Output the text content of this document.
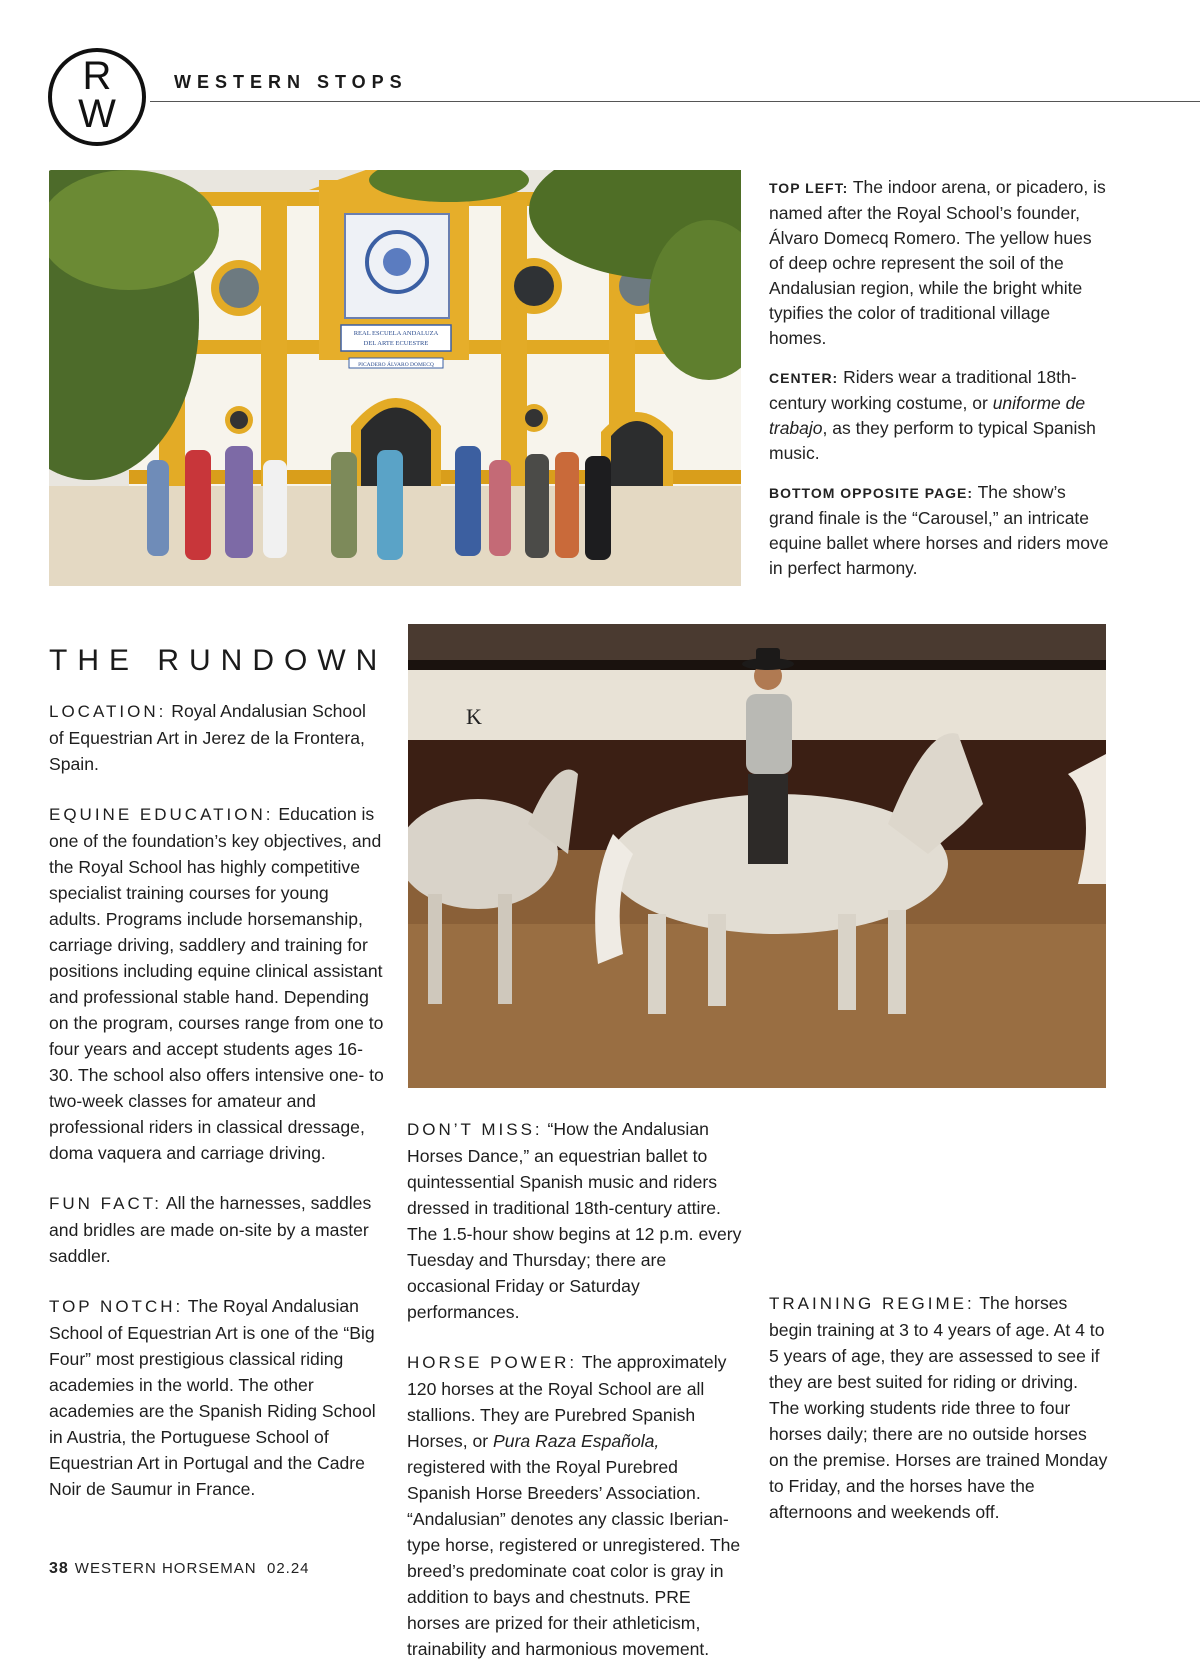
R
W
WESTERN STOPS
REAL ESCUELA ANDALUZA
DEL ARTE ECUESTRE
PICADERO ÁLVARO DOMECQ

TOP LEFT: The indoor arena, or picadero, is named after the Royal School’s founder, Álvaro Domecq Romero. The yellow hues of deep ochre represent the soil of the Andalusian region, while the bright white typifies the color of traditional village homes.

CENTER: Riders wear a traditional 18th-century working costume, or uniforme de trabajo, as they perform to typical Spanish music.

BOTTOM OPPOSITE PAGE: The show’s grand finale is the “Carousel,” an intricate equine ballet where horses and riders move in perfect harmony.

K
THE RUNDOWN

LOCATION: Royal Andalusian School of Equestrian Art in Jerez de la Frontera, Spain.

EQUINE EDUCATION: Education is one of the foundation’s key objectives, and the Royal School has highly competitive specialist training courses for young adults. Programs include horsemanship, carriage driving, saddlery and training for positions including equine clinical assistant and professional stable hand. Depending on the program, courses range from one to four years and accept students ages 16-30. The school also offers intensive one- to two-week classes for amateur and professional riders in classical dressage, doma vaquera and carriage driving.

FUN FACT: All the harnesses, saddles and bridles are made on-site by a master saddler.

TOP NOTCH: The Royal Andalusian School of Equestrian Art is one of the “Big Four” most prestigious classical riding academies in the world. The other academies are the Spanish Riding School in Austria, the Portuguese School of Equestrian Art in Portugal and the Cadre Noir de Saumur in France.

DON’T MISS: “How the Andalusian Horses Dance,” an equestrian ballet to quintessential Spanish music and riders dressed in traditional 18th-century attire. The 1.5-hour show begins at 12 p.m. every Tuesday and Thursday; there are occasional Friday or Saturday performances.

HORSE POWER: The approximately 120 horses at the Royal School are all stallions. They are Purebred Spanish Horses, or Pura Raza Española, registered with the Royal Purebred Spanish Horse Breeders’ Association. “Andalusian” denotes any classic Iberian-type horse, registered or unregistered. The breed’s predominate coat color is gray in addition to bays and chestnuts. PRE horses are prized for their athleticism, trainability and harmonious movement.

TRAINING REGIME: The horses begin training at 3 to 4 years of age. At 4 to 5 years of age, they are assessed to see if they are best suited for riding or driving. The working students ride three to four horses daily; there are no outside horses on the premise. Horses are trained Monday to Friday, and the horses have the afternoons and weekends off.

38 WESTERN HORSEMAN 02.24
